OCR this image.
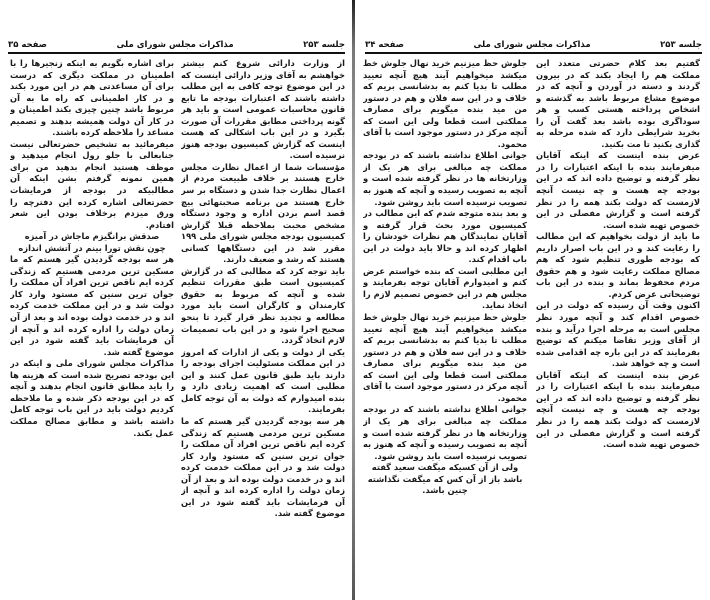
جلسه ۲۵۳
مذاکرات مجلس شورای ملی
صفحه ۳۵

از وزارت دارائی شروع کنم بیشتر خواهشم به آقای وزیر دارائی اینست که در این موضوع توجه کافی به این مطلب داشته باشند که اعتبارات بودجه ما تابع قانون محاسبات عمومی است و باید هر گونه پرداختی مطابق مقررات آن صورت بگیرد و در این باب اشکالی که هست اینست که گزارش کمیسیون بودجه هنوز نرسیده است.

مؤسسات شما از اعمال نظارت مجلس خارج هستند بر خلاف طبیعت مردم از اعمال نظارت جدا شدن و دستگاه بر سر خارج هستند من برنامه صحبتهائی بیچ قصد اسم بردن اداره و وجود دستگاه مشخص محبت بملاحظه قبلا گزارش کمیسیون بودجه مجلس شورای ملی ۱۹۹ مقرر شد در این دستگاهها کسانی هستند که رشد و ضعیف دارند.

باید توجه کرد که مطالبی که در گزارش کمیسیون است طبق مقررات تنظیم شده و آنچه که مربوط به حقوق کارمندان و کارگران است باید مورد مطالعه و تجدید نظر قرار گیرد تا بنحو صحیح اجرا شود و در این باب تصمیمات لازم اتخاذ گردد.

یکی از دولت و یکی از ادارات که امروز در این مملکت مسئولیت اجرای بودجه را دارند باید طبق قانون عمل کنند و این مطلبی است که اهمیت زیادی دارد و بنده امیدوارم که دولت به آن توجه کامل بفرمایند.

هر سه بودجه گردیدن گیر هستم که ما مسکین ترین مردمی هستیم که زندگی کرده ایم ناقص ترین افراد آن مملکت را جوان ترین سنین که مستود وارد کار دولت شد و در این مملکت خدمت کرده اند و در خدمت دولت بوده اند و بعد از آن زمان دولت را اداره کرده اند و آنچه از آن فرمایشات باید گفته شود در این موضوع گفته شد.

برای اشاره بگویم به اینکه زنجیرها را با اطمینان در مملکت دیگری که درست برای آن مساعدتی هم در این مورد بکند و در کار اطمینانی که راه ما به آن مربوط باشد چنین چیزی بکند اطمینان و در کار آن دولت همیشه بدهند و تصمیم مساعد را ملاحظه کرده باشند.

میفرمائید به تشخیص حضرتعالی نیست جنابعالی با جلو رول انجام میدهید و موظف هستید انجام بدهید من برای همین نمونه گرفتم بشن اینکه آن مطالبیکه در بودجه از فرمایشات حضرتعالی اشاره کرده این دفترچه را ورق میزدم برخلاف بودن این شعر افتادم.

صدقش برانگیزم ماجاش در آمیزه

چون نقش تورا بینم در آتشش اندازه

هر سه بودجه گردیدن گیر هستم که ما مسکین ترین مردمی هستیم که زندگی کرده ایم ناقص ترین افراد آن مملکت را جوان ترین سنین که مستود وارد کار دولت شد و در این مملکت خدمت کرده اند و در خدمت دولت بوده اند و بعد از آن زمان دولت را اداره کرده اند و آنچه از آن فرمایشات باید گفته شود در این موضوع گفته شد.

مذاکرات مجلس شورای ملی و اینکه در این بودجه تصریح شده است که هزینه ها را باید مطابق قانون انجام بدهند و آنچه که در این بودجه ذکر شده و ما ملاحظه کردیم دولت باید در این باب توجه کامل داشته باشد و مطابق مصالح مملکت عمل بکند.

جلسه ۲۵۳
مذاکرات مجلس شورای ملی
صفحه ۳۴

گفتیم بعد کلام حضرتی متعدد این مملکت هم را ایجاد بکند که در بیرون گردند و دسته در آوردن و آنچه که در موضوع مشاع مربوط باشد به گذشته و اشخاص پرداخته هستی کسب و هر سوداگری بوده باشد بعد گفت آن را بخرید شرایطی دارد که شده مرحله به گذاری بکنید تا مت بکنید.

عرض بنده اینست که اینکه آقایان میفرمایند بنده با اینکه اعتبارات را در نظر گرفته و توضیح داده اند که در این بودجه چه هست و چه نیست آنچه لازمست که دولت بکند همه را در نظر گرفته است و گزارش مفصلی در این خصوص تهیه شده است.

ما باید از دولت بخواهیم که این مطالب را رعایت کند و در این باب اصرار داریم که بودجه طوری تنظیم شود که هم مصالح مملکت رعایت شود و هم حقوق مردم محفوظ بماند و بنده در این باب توضیحاتی عرض کردم.

اکنون وقت آن رسیده که دولت در این خصوص اقدام کند و آنچه مورد نظر مجلس است به مرحله اجرا درآید و بنده از آقای وزیر تقاضا میکنم که توضیح بفرمایند که در این باره چه اقدامی شده است و چه خواهد شد.

عرض بنده اینست که اینکه آقایان میفرمایند بنده با اینکه اعتبارات را در نظر گرفته و توضیح داده اند که در این بودجه چه هست و چه نیست آنچه لازمست که دولت بکند همه را در نظر گرفته است و گزارش مفصلی در این خصوص تهیه شده است.

جلوش حظ میزنیم خرید نهال جلوش خط میکشد میخواهیم آیند هیچ آنچه تعیید مطلب تا بدیا کنم به بدشانسی بریم که خلاف و در این سه فلان و هم در دستور من مید بنده میگویم برای مصارف مملکتی است قطعا ولی این است که آنچه مرکز در دستور موجود است با آقای محمود.

جوانی اطلاع نداشته باشند که در بودجه مملکت چه مبالغی برای هر یک از وزارتخانه ها در نظر گرفته شده است و آنچه به تصویب رسیده و آنچه که هنوز به تصویب نرسیده است باید روشن شود.

و بعد بنده متوجه شدم که این مطالب در کمیسیون مورد بحث قرار گرفته و آقایان نمایندگان هم نظرات خودشان را اظهار کرده اند و حالا باید دولت در این باب اقدام کند.

این مطلبی است که بنده خواستم عرض کنم و امیدوارم آقایان توجه بفرمایند و مجلس هم در این خصوص تصمیم لازم را اتخاذ نماید.

جلوش حظ میزنیم خرید نهال جلوش خط میکشد میخواهیم آیند هیچ آنچه تعیید مطلب تا بدیا کنم به بدشانسی بریم که خلاف و در این سه فلان و هم در دستور من مید بنده میگویم برای مصارف مملکتی است قطعا ولی این است که آنچه مرکز در دستور موجود است با آقای محمود.

جوانی اطلاع نداشته باشند که در بودجه مملکت چه مبالغی برای هر یک از وزارتخانه ها در نظر گرفته شده است و آنچه به تصویب رسیده و آنچه که هنوز به تصویب نرسیده است باید روشن شود.

ولی از آن کسیکه میگفت سعید گفته باشد باز از آن کس که میگفت نگذاشته چنین باشد.
